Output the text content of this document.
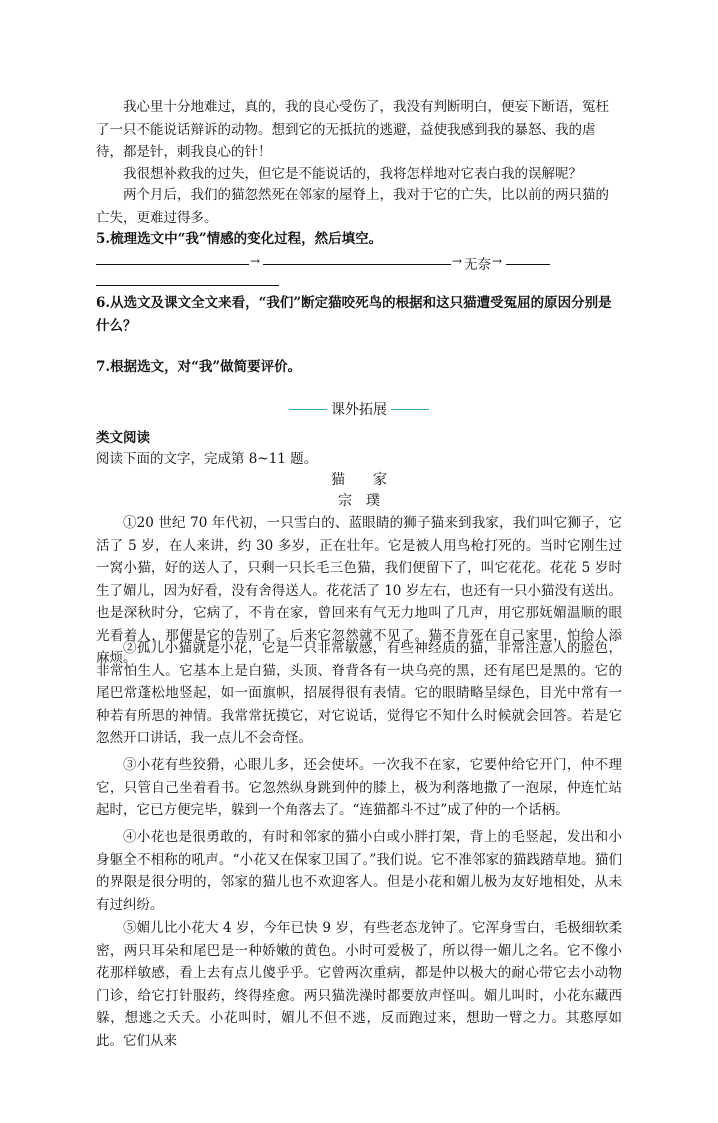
我心里十分地难过，真的，我的良心受伤了，我没有判断明白，便妄下断语，冤枉了一只不能说话辩诉的动物。想到它的无抵抗的逃避，益使我感到我的暴怒、我的虐待，都是针，刺我良心的针！
我很想补救我的过失，但它是不能说话的，我将怎样地对它表白我的误解呢？
两个月后，我们的猫忽然死在邻家的屋脊上，我对于它的亡失，比以前的两只猫的亡失，更难过得多。
5.梳理选文中“我”情感的变化过程，然后填空。
→	→ 无奈 →
6.从选文及课文全文来看，“我们”断定猫咬死鸟的根据和这只猫遭受冤屈的原因分别是什么？
7.根据选文，对“我”做简要评价。
课外拓展
类文阅读
阅读下面的文字，完成第 8~11 题。
猫　　家
宗　璞
①20 世纪 70 年代初，一只雪白的、蓝眼睛的狮子猫来到我家，我们叫它狮子，它活了 5 岁，在人来讲，约 30 多岁，正在壮年。它是被人用鸟枪打死的。当时它刚生过一窝小猫，好的送人了，只剩一只长毛三色猫，我们便留下了，叫它花花。花花 5 岁时生了媚儿，因为好看，没有舍得送人。花花活了 10 岁左右，也还有一只小猫没有送出。也是深秋时分，它病了，不肯在家，曾回来有气无力地叫了几声，用它那妩媚温顺的眼光看着人，那便是它的告别了。后来它忽然就不见了。猫不肯死在自己家里，怕给人添麻烦。
②孤儿小猫就是小花，它是一只非常敏感，有些神经质的猫，非常注意人的脸色，非常怕生人。它基本上是白猫，头顶、脊背各有一块乌亮的黑，还有尾巴是黑的。它的尾巴常蓬松地竖起，如一面旗帜，招展得很有表情。它的眼睛略呈绿色，目光中常有一种若有所思的神情。我常常抚摸它，对它说话，觉得它不知什么时候就会回答。若是它忽然开口讲话，我一点儿不会奇怪。
③小花有些狡猾，心眼儿多，还会使坏。一次我不在家，它要仲给它开门，仲不理它，只管自己坐着看书。它忽然纵身跳到仲的膝上，极为利落地撒了一泡尿，仲连忙站起时，它已方便完毕，躲到一个角落去了。“连猫都斗不过”成了仲的一个话柄。
④小花也是很勇敢的，有时和邻家的猫小白或小胖打架，背上的毛竖起，发出和小身躯全不相称的吼声。“小花又在保家卫国了。”我们说。它不准邻家的猫践踏草地。猫们的界限是很分明的，邻家的猫儿也不欢迎客人。但是小花和媚儿极为友好地相处，从未有过纠纷。
⑤媚儿比小花大 4 岁，今年已快 9 岁，有些老态龙钟了。它浑身雪白，毛极细软柔密，两只耳朵和尾巴是一种娇嫩的黄色。小时可爱极了，所以得一媚儿之名。它不像小花那样敏感，看上去有点儿傻乎乎。它曾两次重病，都是仲以极大的耐心带它去小动物门诊，给它打针服药，终得痊愈。两只猫洗澡时都要放声怪叫。媚儿叫时，小花东藏西躲，想逃之夭夭。小花叫时，媚儿不但不逃，反而跑过来，想助一臂之力。其憨厚如此。它们从来
